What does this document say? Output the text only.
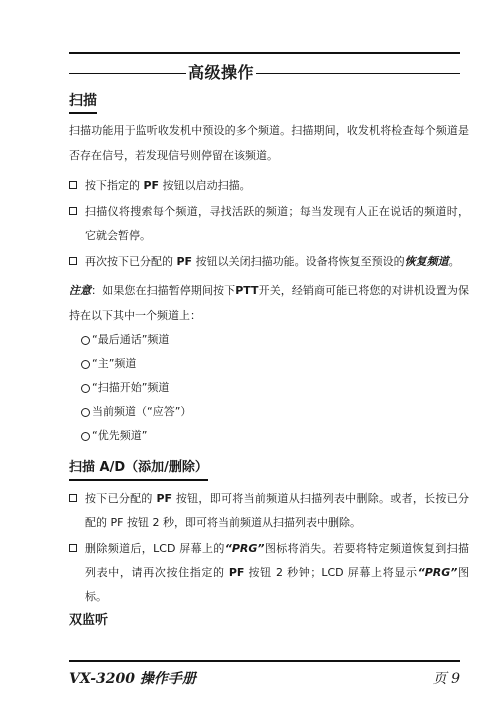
高级操作
扫描

扫描功能用于监听收发机中预设的多个频道。扫描期间，收发机将检查每个频道是否存在信号，若发现信号则停留在该频道。

按下指定的 PF 按钮以启动扫描。
扫描仪将搜索每个频道，寻找活跃的频道；每当发现有人正在说话的频道时，它就会暂停。
再次按下已分配的 PF 按钮以关闭扫描功能。设备将恢复至预设的恢复频道。

注意：如果您在扫描暂停期间按下PTT开关，经销商可能已将您的对讲机设置为保持在以下其中一个频道上：

“最后通话”频道
“主”频道
“扫描开始”频道
当前频道（“应答”）
“优先频道”
扫描 A/D（添加/删除）
按下已分配的 PF 按钮，即可将当前频道从扫描列表中删除。或者，长按已分配的 PF 按钮 2 秒，即可将当前频道从扫描列表中删除。
删除频道后，LCD 屏幕上的“PRG”图标将消失。若要将特定频道恢复到扫描列表中，请再次按住指定的 PF 按钮 2 秒钟；LCD 屏幕上将显示“PRG”图标。
双监听
VX-3200 操作手册	页 9
